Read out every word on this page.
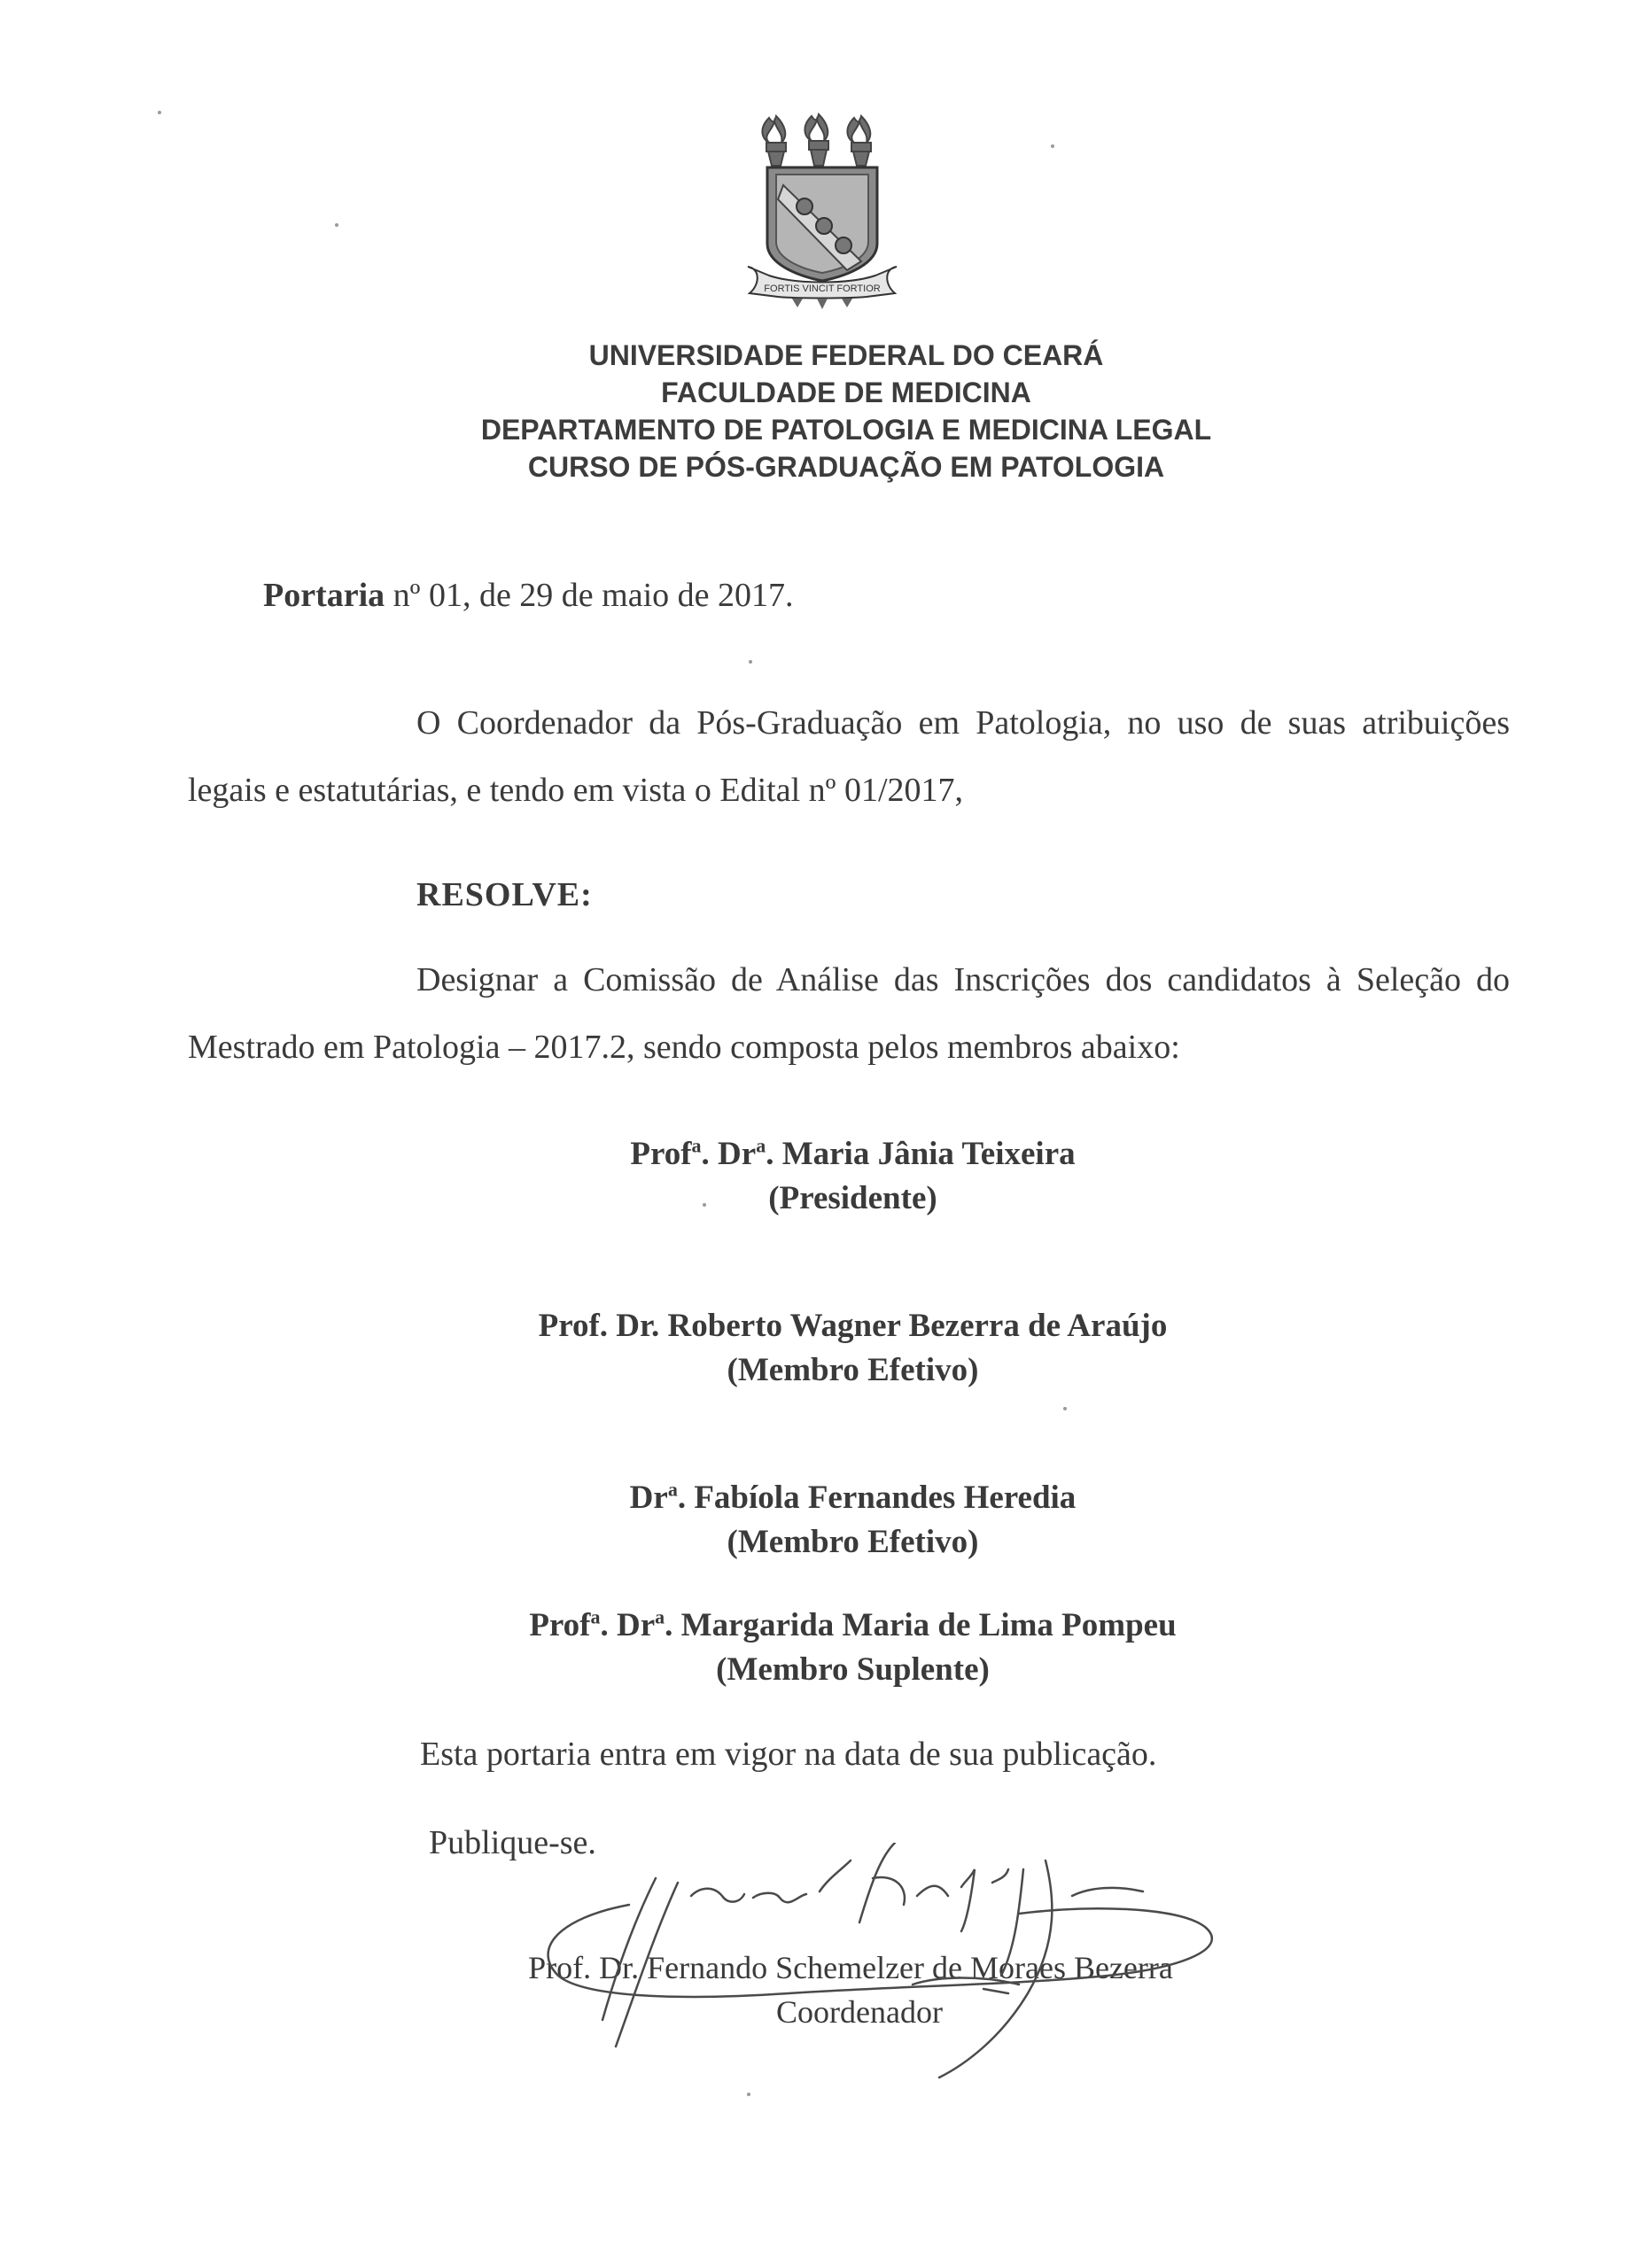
FORTIS VINCIT FORTIOR
UNIVERSIDADE FEDERAL DO CEARÁ
FACULDADE DE MEDICINA
DEPARTAMENTO DE PATOLOGIA E MEDICINA LEGAL
CURSO DE PÓS-GRADUAÇÃO EM PATOLOGIA
Portaria nº 01, de 29 de maio de 2017.
O Coordenador da Pós-Graduação em Patologia, no uso de suas atribuições legais e estatutárias, e tendo em vista o Edital nº 01/2017,
RESOLVE:
Designar a Comissão de Análise das Inscrições dos candidatos à Seleção do Mestrado em Patologia – 2017.2, sendo composta pelos membros abaixo:
Prof$^a$. Dr$^a$. Maria Jânia Teixeira
(Presidente)
Prof. Dr. Roberto Wagner Bezerra de Araújo
(Membro Efetivo)
Dr$^a$. Fabíola Fernandes Heredia
(Membro Efetivo)
Prof$^a$. Dr$^a$. Margarida Maria de Lima Pompeu
(Membro Suplente)
Esta portaria entra em vigor na data de sua publicação.
Publique-se.
Prof. Dr. Fernando Schemelzer de Moraes Bezerra
Coordenador
